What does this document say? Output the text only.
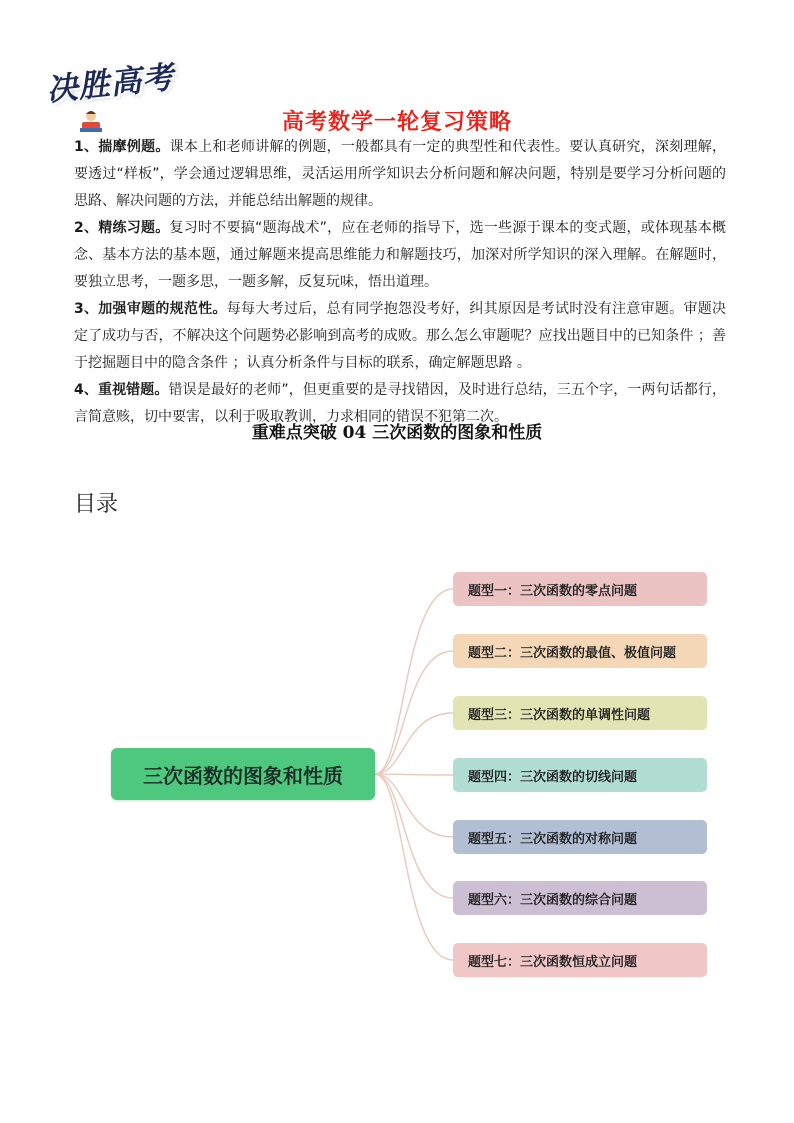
决胜高考
高考数学一轮复习策略

1、揣摩例题。课本上和老师讲解的例题，一般都具有一定的典型性和代表性。要认真研究，深刻理解，要透过“样板”，学会通过逻辑思维，灵活运用所学知识去分析问题和解决问题，特别是要学习分析问题的思路、解决问题的方法，并能总结出解题的规律。

2、精练习题。复习时不要搞“题海战术”，应在老师的指导下，选一些源于课本的变式题，或体现基本概念、基本方法的基本题，通过解题来提高思维能力和解题技巧，加深对所学知识的深入理解。在解题时，要独立思考，一题多思，一题多解，反复玩味，悟出道理。

3、加强审题的规范性。每每大考过后，总有同学抱怨没考好，纠其原因是考试时没有注意审题。审题决定了成功与否，不解决这个问题势必影响到高考的成败。那么怎么审题呢？应找出题目中的已知条件 ；善于挖掘题目中的隐含条件 ；认真分析条件与目标的联系，确定解题思路 。

4、重视错题。错误是最好的老师”，但更重要的是寻找错因，及时进行总结，三五个字，一两句话都行，言简意赅，切中要害，以利于吸取教训，力求相同的错误不犯第二次。

重难点突破 04 三次函数的图象和性质
目录
三次函数的图象和性质
题型一：三次函数的零点问题
题型二：三次函数的最值、极值问题
题型三：三次函数的单调性问题
题型四：三次函数的切线问题
题型五：三次函数的对称问题
题型六：三次函数的综合问题
题型七：三次函数恒成立问题
